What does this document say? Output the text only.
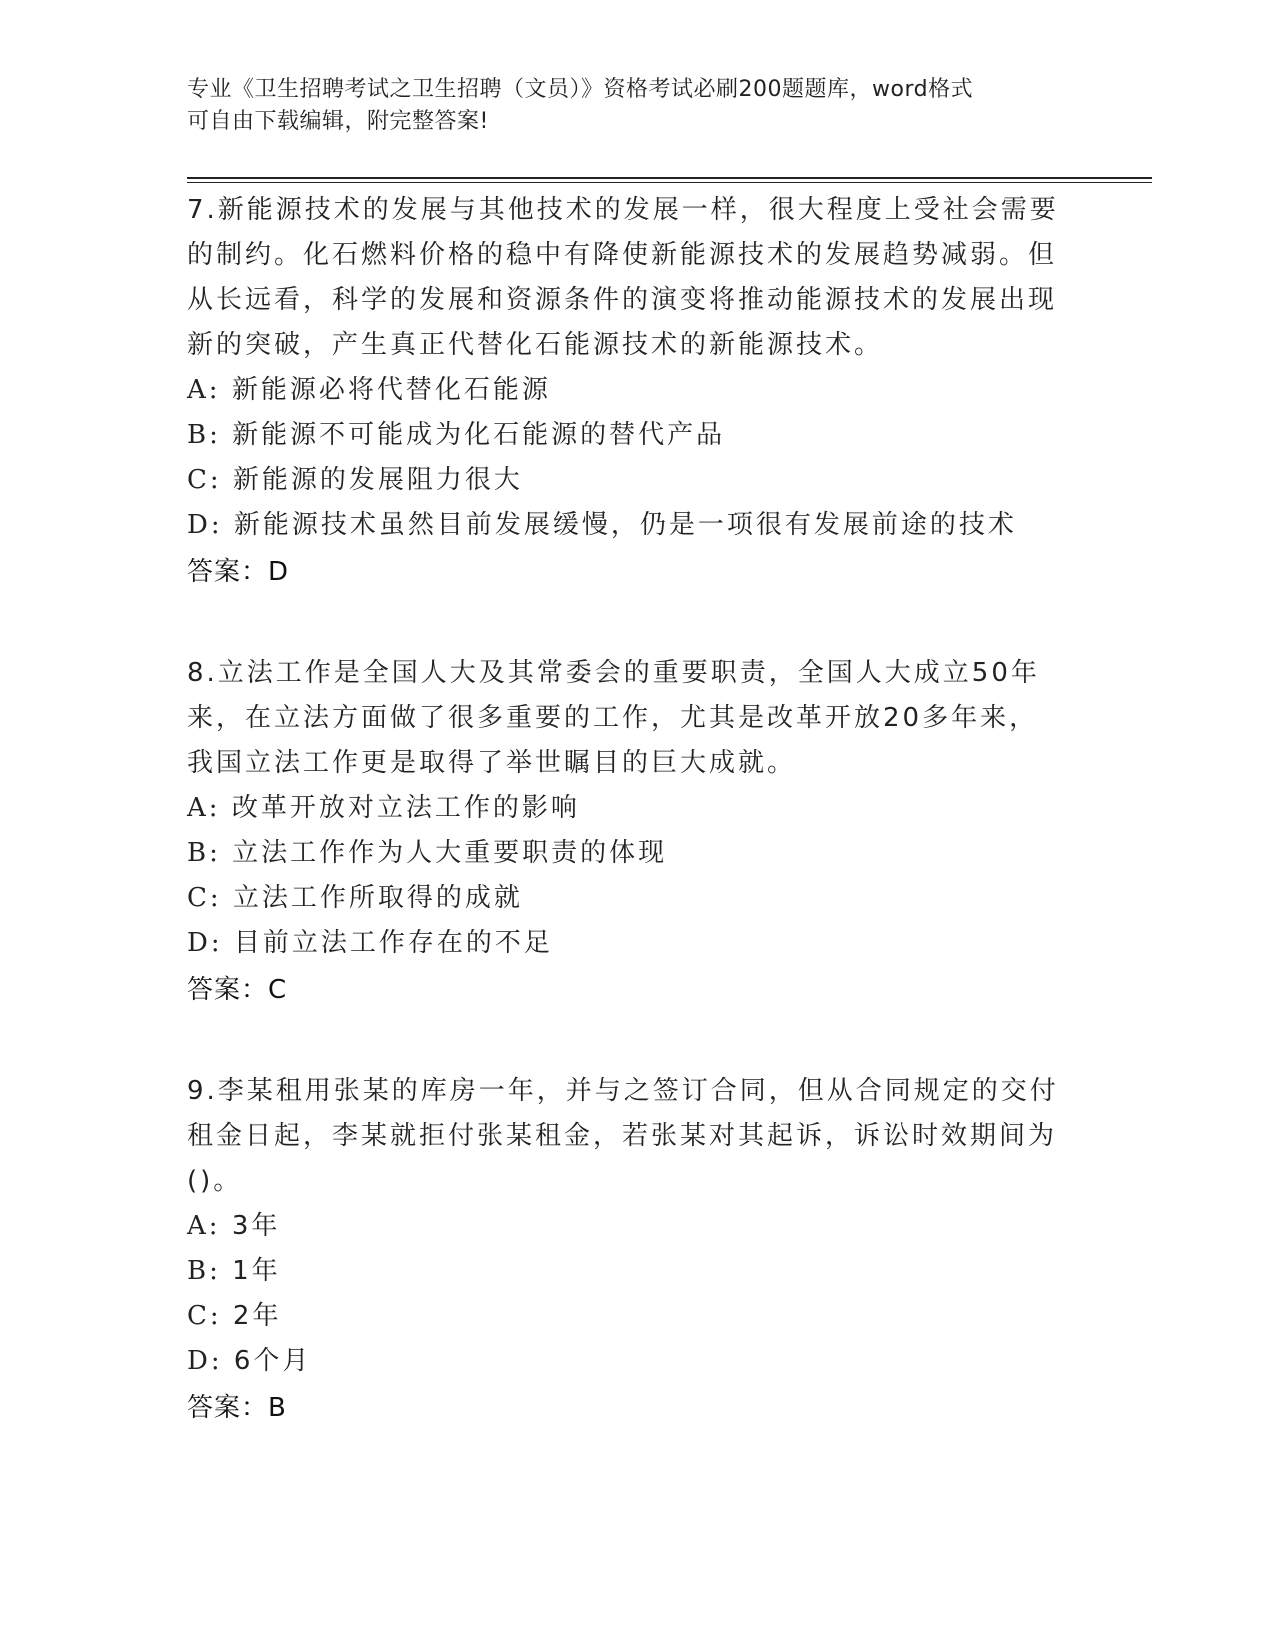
专业《卫生招聘考试之卫生招聘（文员）》资格考试必刷200题题库，word格式
可自由下载编辑，附完整答案!
7.新能源技术的发展与其他技术的发展一样，很大程度上受社会需要的制约。化石燃料价格的稳中有降使新能源技术的发展趋势减弱。但从长远看，科学的发展和资源条件的演变将推动能源技术的发展出现新的突破，产生真正代替化石能源技术的新能源技术。
A: 新能源必将代替化石能源
B: 新能源不可能成为化石能源的替代产品
C: 新能源的发展阻力很大
D: 新能源技术虽然目前发展缓慢，仍是一项很有发展前途的技术
答案：D
8.立法工作是全国人大及其常委会的重要职责，全国人大成立50年来，在立法方面做了很多重要的工作，尤其是改革开放20多年来，我国立法工作更是取得了举世瞩目的巨大成就。
A: 改革开放对立法工作的影响
B: 立法工作作为人大重要职责的体现
C: 立法工作所取得的成就
D: 目前立法工作存在的不足
答案：C
9.李某租用张某的库房一年，并与之签订合同，但从合同规定的交付租金日起，李某就拒付张某租金，若张某对其起诉，诉讼时效期间为()。
A: 3年
B: 1年
C: 2年
D: 6个月
答案：B
